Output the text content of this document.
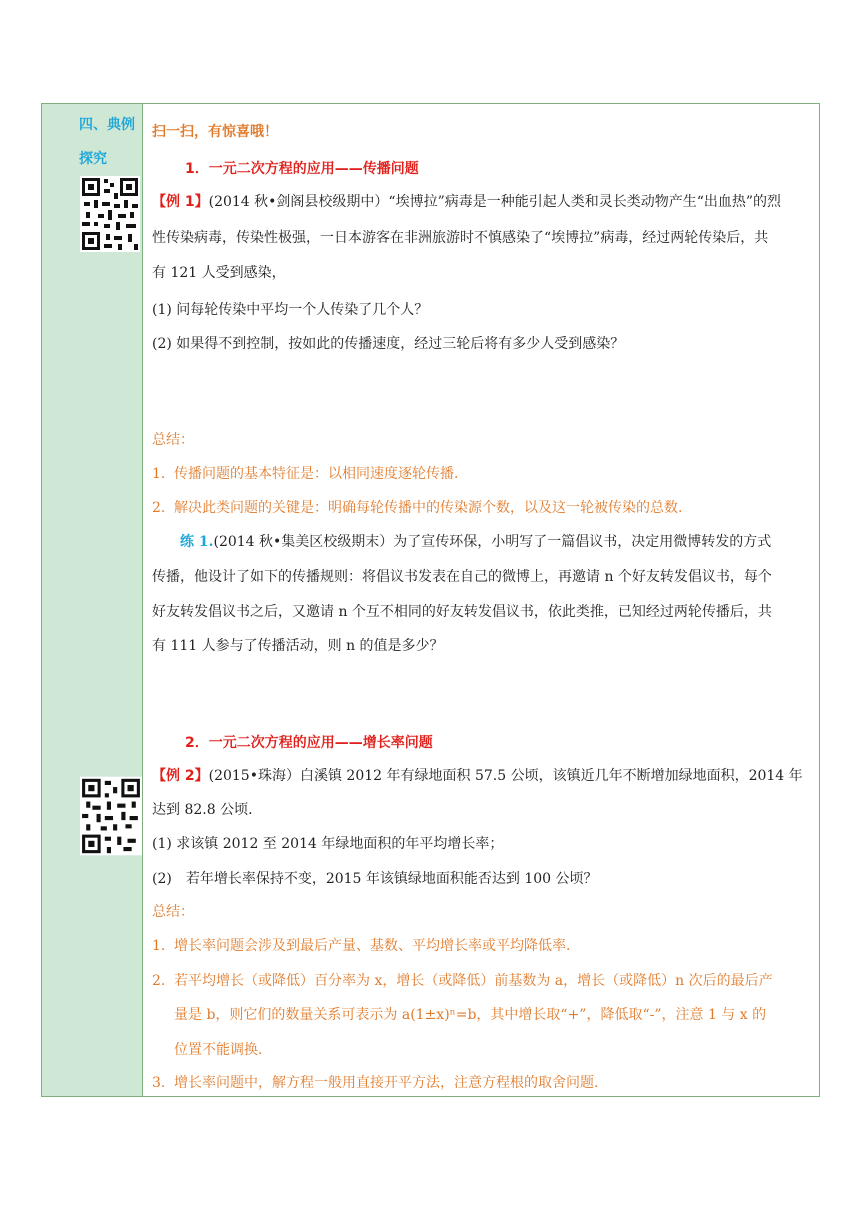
四、典例
探究
扫一扫，有惊喜哦！
1．一元二次方程的应用——传播问题
【例 1】(2014 秋•剑阁县校级期中）“埃博拉”病毒是一种能引起人类和灵长类动物产生“出血热”的烈
性传染病毒，传染性极强，一日本游客在非洲旅游时不慎感染了“埃博拉”病毒，经过两轮传染后，共
有 121 人受到感染，
(1) 问每轮传染中平均一个人传染了几个人？
(2) 如果得不到控制，按如此的传播速度，经过三轮后将有多少人受到感染？
总结：
1. 传播问题的基本特征是：以相同速度逐轮传播.
2. 解决此类问题的关键是：明确每轮传播中的传染源个数，以及这一轮被传染的总数.
练 1.(2014 秋•集美区校级期末）为了宣传环保，小明写了一篇倡议书，决定用微博转发的方式
传播，他设计了如下的传播规则：将倡议书发表在自己的微博上，再邀请 n 个好友转发倡议书，每个
好友转发倡议书之后，又邀请 n 个互不相同的好友转发倡议书，依此类推，已知经过两轮传播后，共
有 111 人参与了传播活动，则 n 的值是多少？
2．一元二次方程的应用——增长率问题
【例 2】(2015•珠海）白溪镇 2012 年有绿地面积 57.5 公顷，该镇近几年不断增加绿地面积，2014 年
达到 82.8 公顷.
(1) 求该镇 2012 至 2014 年绿地面积的年平均增长率；
(2)　若年增长率保持不变，2015 年该镇绿地面积能否达到 100 公顷？
总结：
1. 增长率问题会涉及到最后产量、基数、平均增长率或平均降低率.
2. 若平均增长（或降低）百分率为 x，增长（或降低）前基数为 a，增长（或降低）n 次后的最后产
量是 b，则它们的数量关系可表示为 a(1±x)ⁿ=b，其中增长取“+”，降低取“-”，注意 1 与 x 的
位置不能调换.
3. 增长率问题中，解方程一般用直接开平方法，注意方程根的取舍问题.
